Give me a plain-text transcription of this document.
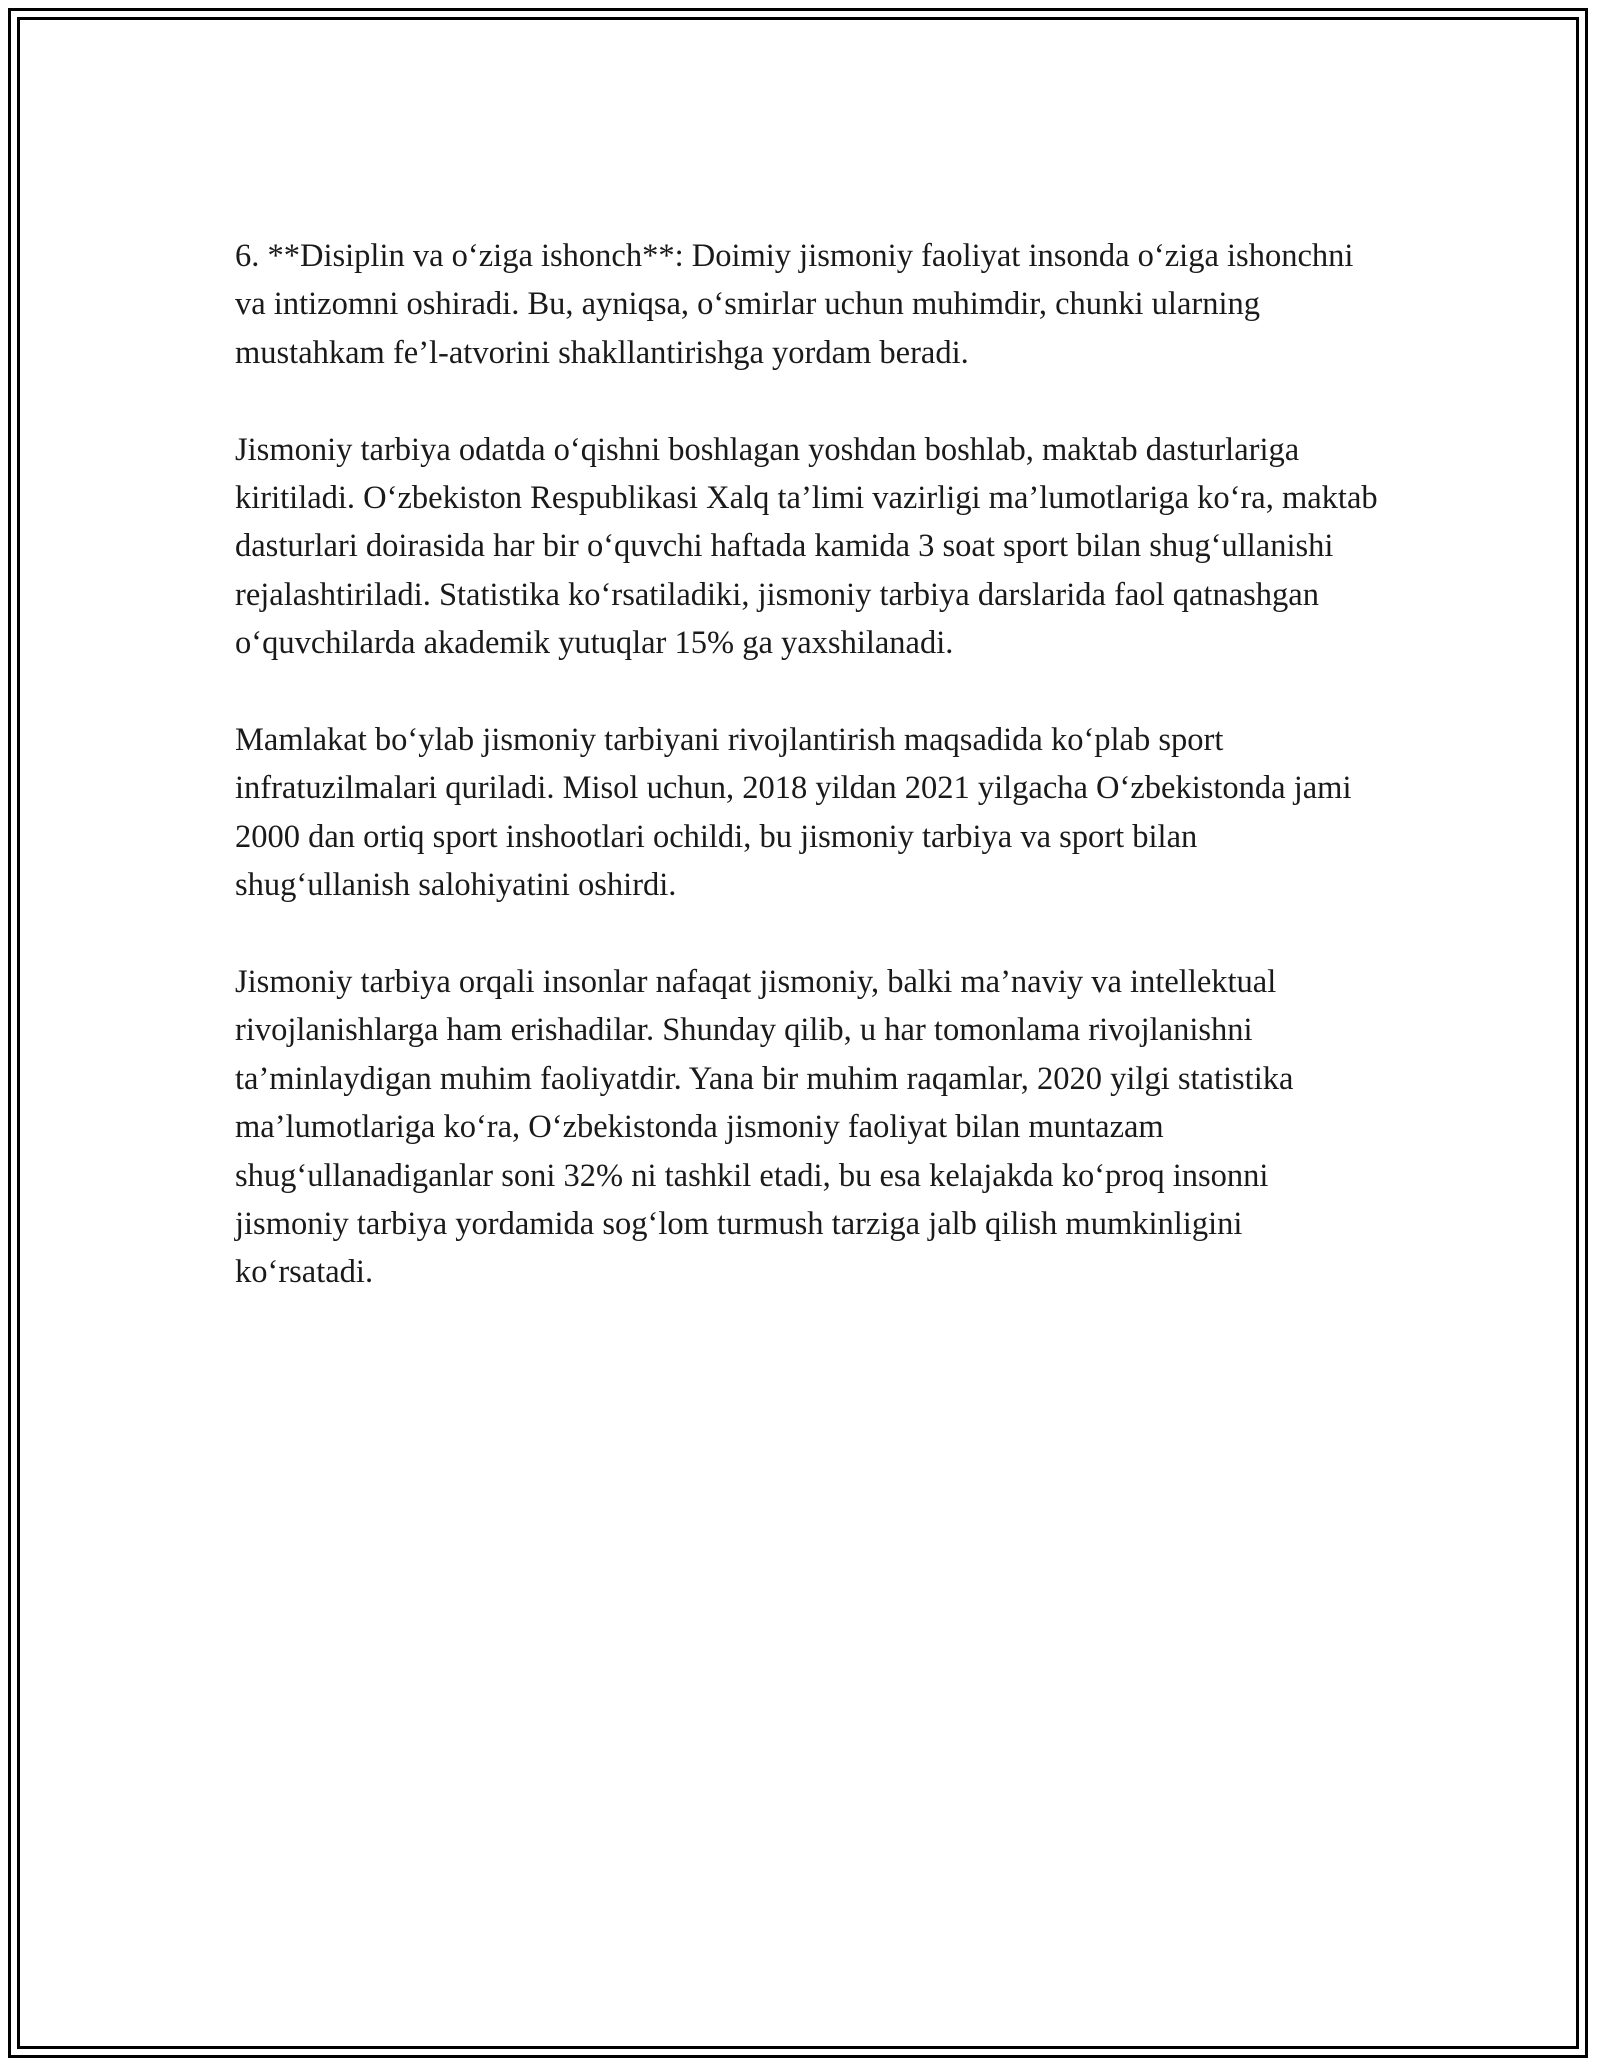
6. **Disiplin va o‘ziga ishonch**: Doimiy jismoniy faoliyat insonda o‘ziga ishonchni va intizomni oshiradi. Bu, ayniqsa, o‘smirlar uchun muhimdir, chunki ularning mustahkam fe’l-atvorini shakllantirishga yordam beradi.

Jismoniy tarbiya odatda o‘qishni boshlagan yoshdan boshlab, maktab dasturlariga kiritiladi. O‘zbekiston Respublikasi Xalq ta’limi vazirligi ma’lumotlariga ko‘ra, maktab dasturlari doirasida har bir o‘quvchi haftada kamida 3 soat sport bilan shug‘ullanishi rejalashtiriladi. Statistika ko‘rsatiladiki, jismoniy tarbiya darslarida faol qatnashgan o‘quvchilarda akademik yutuqlar 15% ga yaxshilanadi.

Mamlakat bo‘ylab jismoniy tarbiyani rivojlantirish maqsadida ko‘plab sport infratuzilmalari quriladi. Misol uchun, 2018 yildan 2021 yilgacha O‘zbekistonda jami 2000 dan ortiq sport inshootlari ochildi, bu jismoniy tarbiya va sport bilan shug‘ullanish salohiyatini oshirdi.

Jismoniy tarbiya orqali insonlar nafaqat jismoniy, balki ma’naviy va intellektual rivojlanishlarga ham erishadilar. Shunday qilib, u har tomonlama rivojlanishni ta’minlaydigan muhim faoliyatdir. Yana bir muhim raqamlar, 2020 yilgi statistika ma’lumotlariga ko‘ra, O‘zbekistonda jismoniy faoliyat bilan muntazam shug‘ullanadiganlar soni 32% ni tashkil etadi, bu esa kelajakda ko‘proq insonni jismoniy tarbiya yordamida sog‘lom turmush tarziga jalb qilish mumkinligini ko‘rsatadi.
